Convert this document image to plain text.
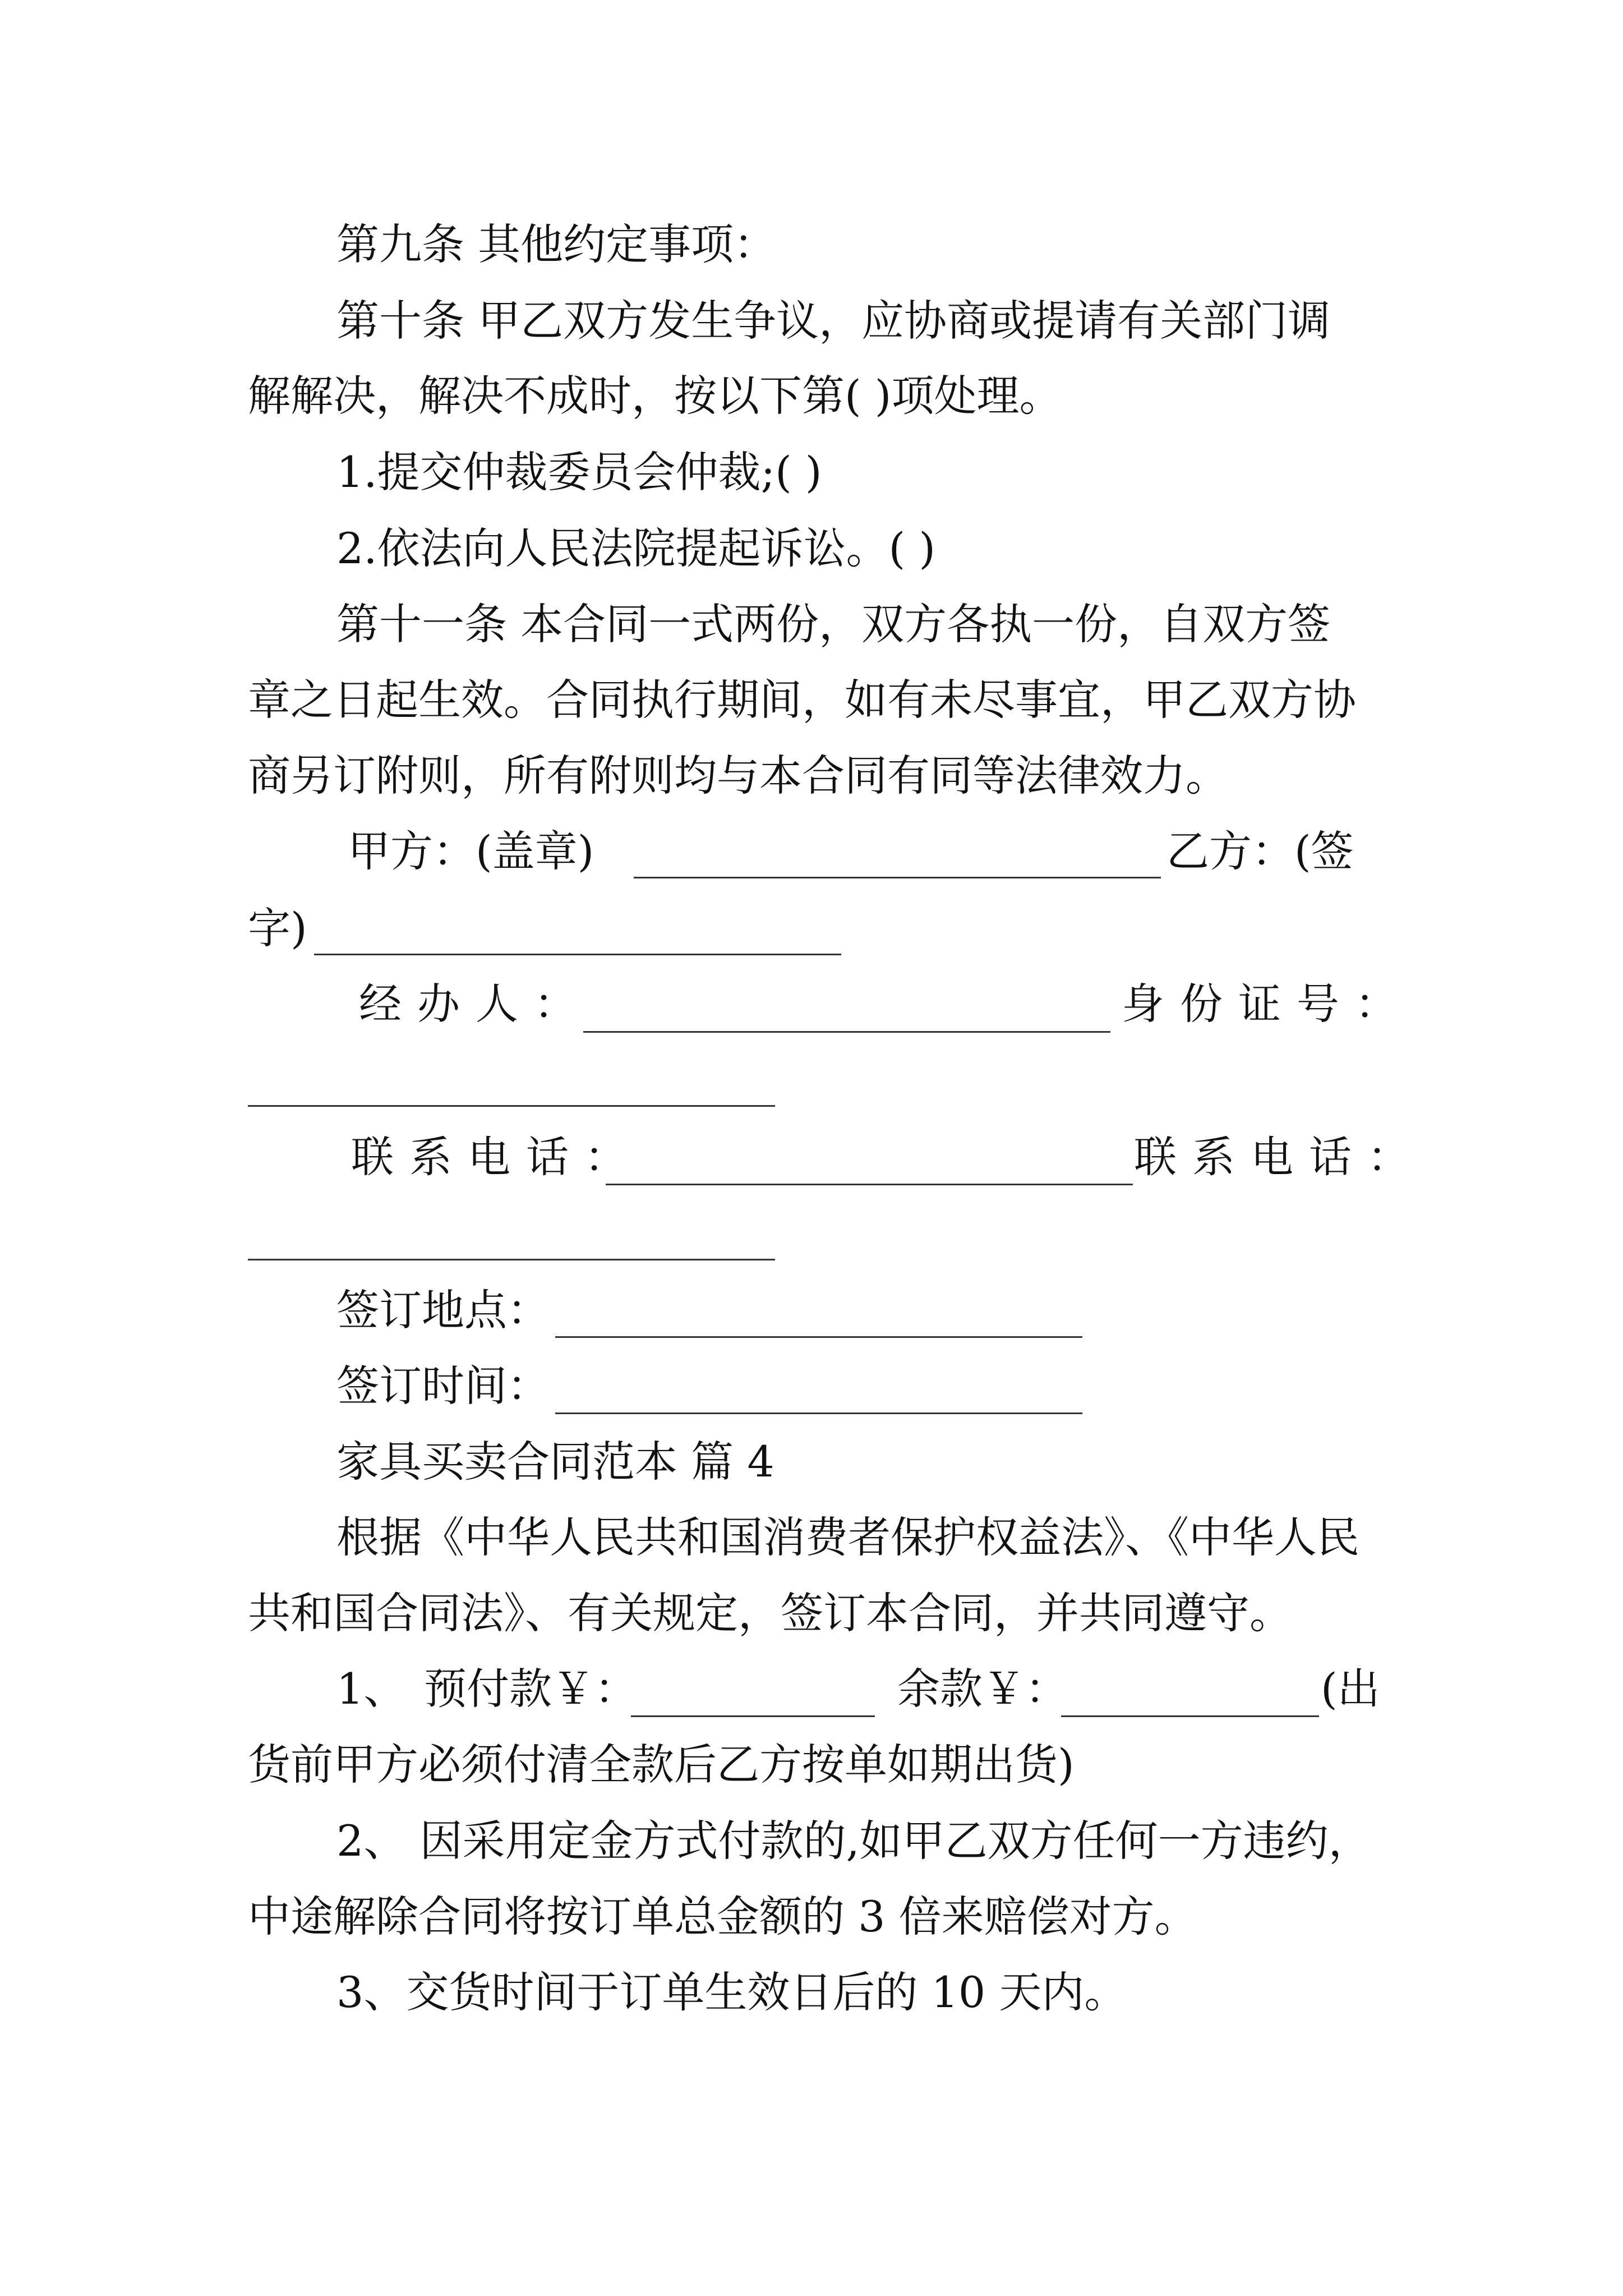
第九条 其他约定事项：
第十条 甲乙双方发生争议，应协商或提请有关部门调
解解决，解决不成时，按以下第( )项处理。
1.提交仲裁委员会仲裁;( )
2.依法向人民法院提起诉讼。( )
第十一条 本合同一式两份，双方各执一份，自双方签
章之日起生效。合同执行期间，如有未尽事宜，甲乙双方协
商另订附则，所有附则均与本合同有同等法律效力。
甲方：(盖章)	乙方：(签
字)
经办人：	身份证号：
联系电话：	联系电话：
签订地点：
签订时间：
家具买卖合同范本 篇 4
根据《中华人民共和国消费者保护权益法》、《中华人民
共和国合同法》、有关规定，签订本合同，并共同遵守。
1、 预付款￥：	余款￥：	(出
货前甲方必须付清全款后乙方按单如期出货)
2、 因采用定金方式付款的,如甲乙双方任何一方违约，
中途解除合同将按订单总金额的 3 倍来赔偿对方。
3、交货时间于订单生效日后的 10 天内。
